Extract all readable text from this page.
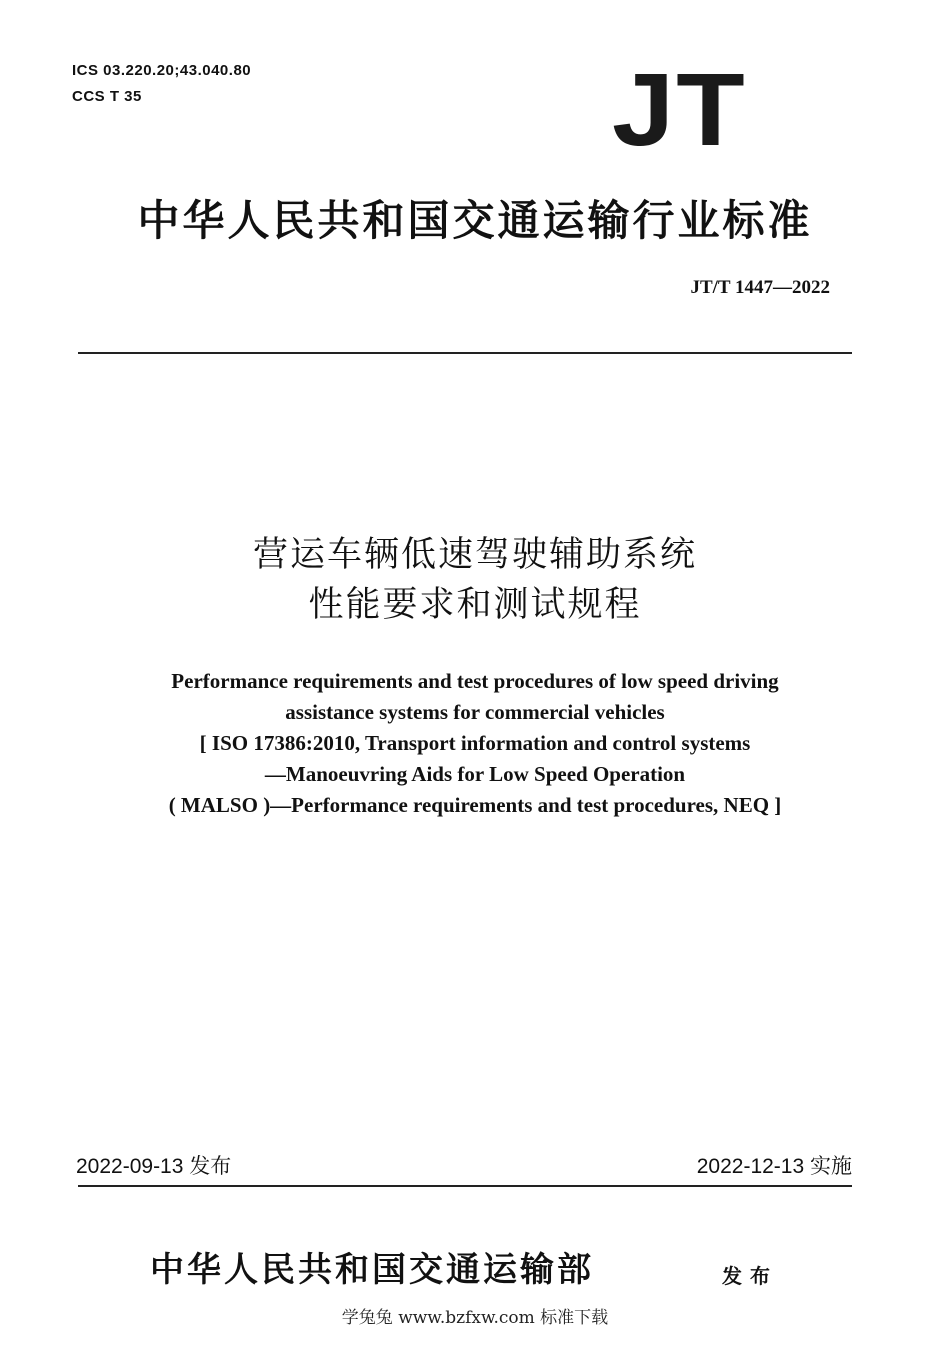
ICS 03.220.20;43.040.80
CCS T 35	JT
中华人民共和国交通运输行业标准
JT/T 1447—2022
营运车辆低速驾驶辅助系统
性能要求和测试规程
Performance requirements and test procedures of low speed driving
assistance systems for commercial vehicles
[ ISO 17386:2010, Transport information and control systems
—Manoeuvring Aids for Low Speed Operation
( MALSO )—Performance requirements and test procedures, NEQ ]
2022-09-13 发布	2022-12-13 实施
中华人民共和国交通运输部	发布
学兔兔 www.bzfxw.com 标准下载
